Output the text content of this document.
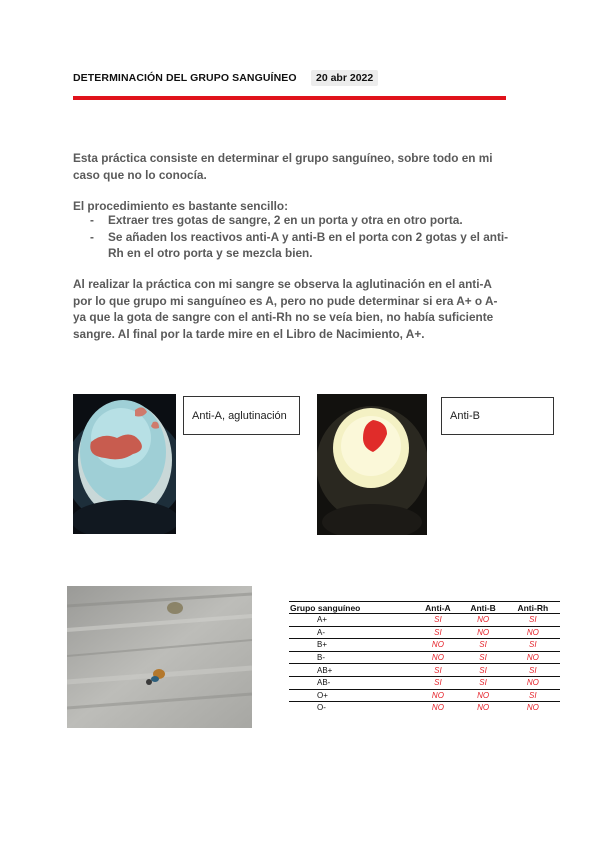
DETERMINACIÓN DEL GRUPO SANGUÍNEO	20 abr 2022
Esta práctica consiste en determinar el grupo sanguíneo, sobre todo en mi caso que no lo conocía.
El procedimiento es bastante sencillo:
- Extraer tres gotas de sangre, 2 en un porta y otra en otro porta.
- Se añaden los reactivos anti-A y anti-B en el porta con 2 gotas y el anti-Rh en el otro porta y se mezcla bien.
Al realizar la práctica con mi sangre se observa la aglutinación en el anti-A por lo que grupo mi sanguíneo es A, pero no pude determinar si era A+ o A- ya que la gota de sangre con el anti-Rh no se veía bien, no había suficiente sangre. Al final por la tarde mire en el Libro de Nacimiento, A+.
Anti-A, aglutinación	Anti-B
Grupo sanguíneo	Anti-A	Anti-B	Anti-Rh
A+	SI	NO	SI
A-	SI	NO	NO
B+	NO	SI	SI
B-	NO	SI	NO
AB+	SI	SI	SI
AB-	SI	SI	NO
O+	NO	NO	SI
O-	NO	NO	NO
